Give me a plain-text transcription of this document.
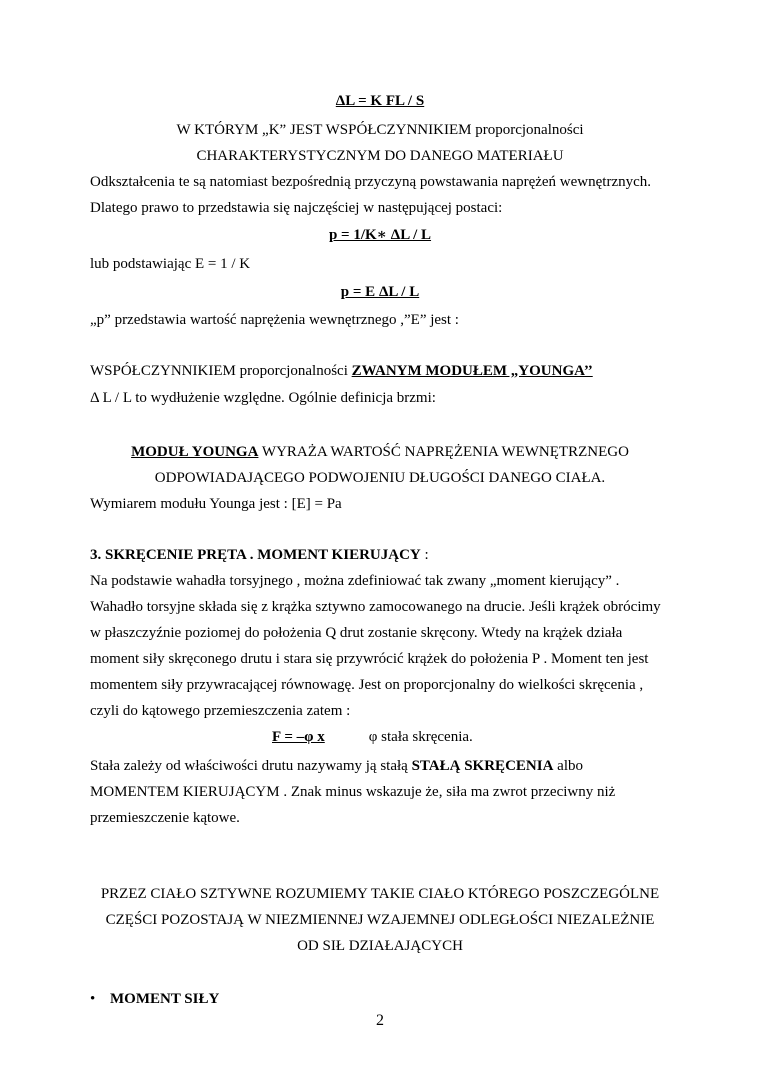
ΔL = K FL / S
W KTÓRYM „K” JEST WSPÓŁCZYNNIKIEM proporcjonalności
CHARAKTERYSTYCZNYM DO DANEGO MATERIAŁU
Odkształcenia te są natomiast bezpośrednią przyczyną powstawania naprężeń wewnętrznych.
Dlatego prawo to przedstawia się najczęściej w następującej postaci:
p = 1/K∗ ΔL / L
lub podstawiając E = 1 / K
p = E ΔL / L
„p” przedstawia wartość naprężenia wewnętrznego ,”E” jest :
WSPÓŁCZYNNIKIEM proporcjonalności ZWANYM MODUŁEM „YOUNGA’’
Δ L / L to wydłużenie względne. Ogólnie definicja brzmi:
MODUŁ YOUNGA WYRAŻA WARTOŚĆ NAPRĘŻENIA WEWNĘTRZNEGO
ODPOWIADAJĄCEGO PODWOJENIU DŁUGOŚCI DANEGO CIAŁA.
Wymiarem modułu Younga jest : [E] = Pa
3. SKRĘCENIE PRĘTA . MOMENT KIERUJĄCY :
Na podstawie wahadła torsyjnego , można zdefiniować tak zwany „moment kierujący” .
Wahadło torsyjne składa się z krążka sztywno zamocowanego na drucie. Jeśli krążek obrócimy
w płaszczyźnie poziomej do położenia Q drut zostanie skręcony. Wtedy na krążek działa
moment siły skręconego drutu i stara się przywrócić krążek do położenia P . Moment ten jest
momentem siły przywracającej równowagę. Jest on proporcjonalny do wielkości skręcenia ,
czyli do kątowego przemieszczenia zatem :
F = –φ x	φ stała skręcenia.
Stała zależy od właściwości drutu nazywamy ją stałą STAŁĄ SKRĘCENIA albo
MOMENTEM KIERUJĄCYM . Znak minus wskazuje że, siła ma zwrot przeciwny niż
przemieszczenie kątowe.
PRZEZ CIAŁO SZTYWNE ROZUMIEMY TAKIE CIAŁO KTÓREGO POSZCZEGÓLNE
CZĘŚCI POZOSTAJĄ W NIEZMIENNEJ WZAJEMNEJ ODLEGŁOŚCI NIEZALEŻNIE
OD SIŁ DZIAŁAJĄCYCH
• MOMENT SIŁY
2
